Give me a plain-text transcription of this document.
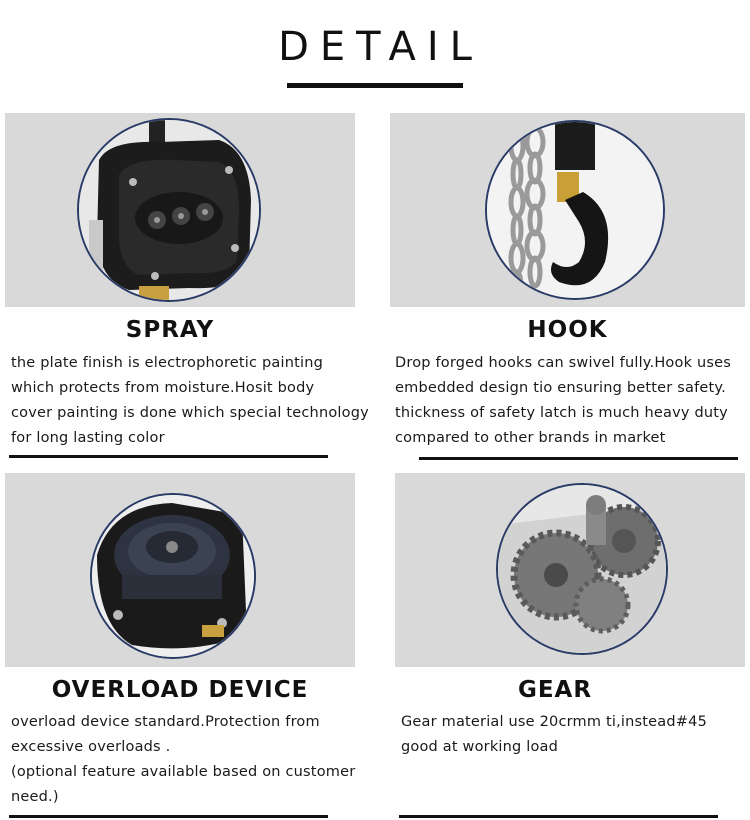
DETAIL
SPRAY
the plate finish is electrophoretic painting
which protects from moisture.Hosit body
cover painting is done which special technology
for long lasting color
HOOK
Drop forged hooks can swivel fully.Hook uses
embedded design tio ensuring better safety.
thickness of safety latch is much heavy duty
compared to other brands in market
OVERLOAD DEVICE
overload device standard.Protection from
excessive overloads .
(optional feature available based on customer
need.)
GEAR
Gear material use 20crmm ti,instead#45
good at working load
